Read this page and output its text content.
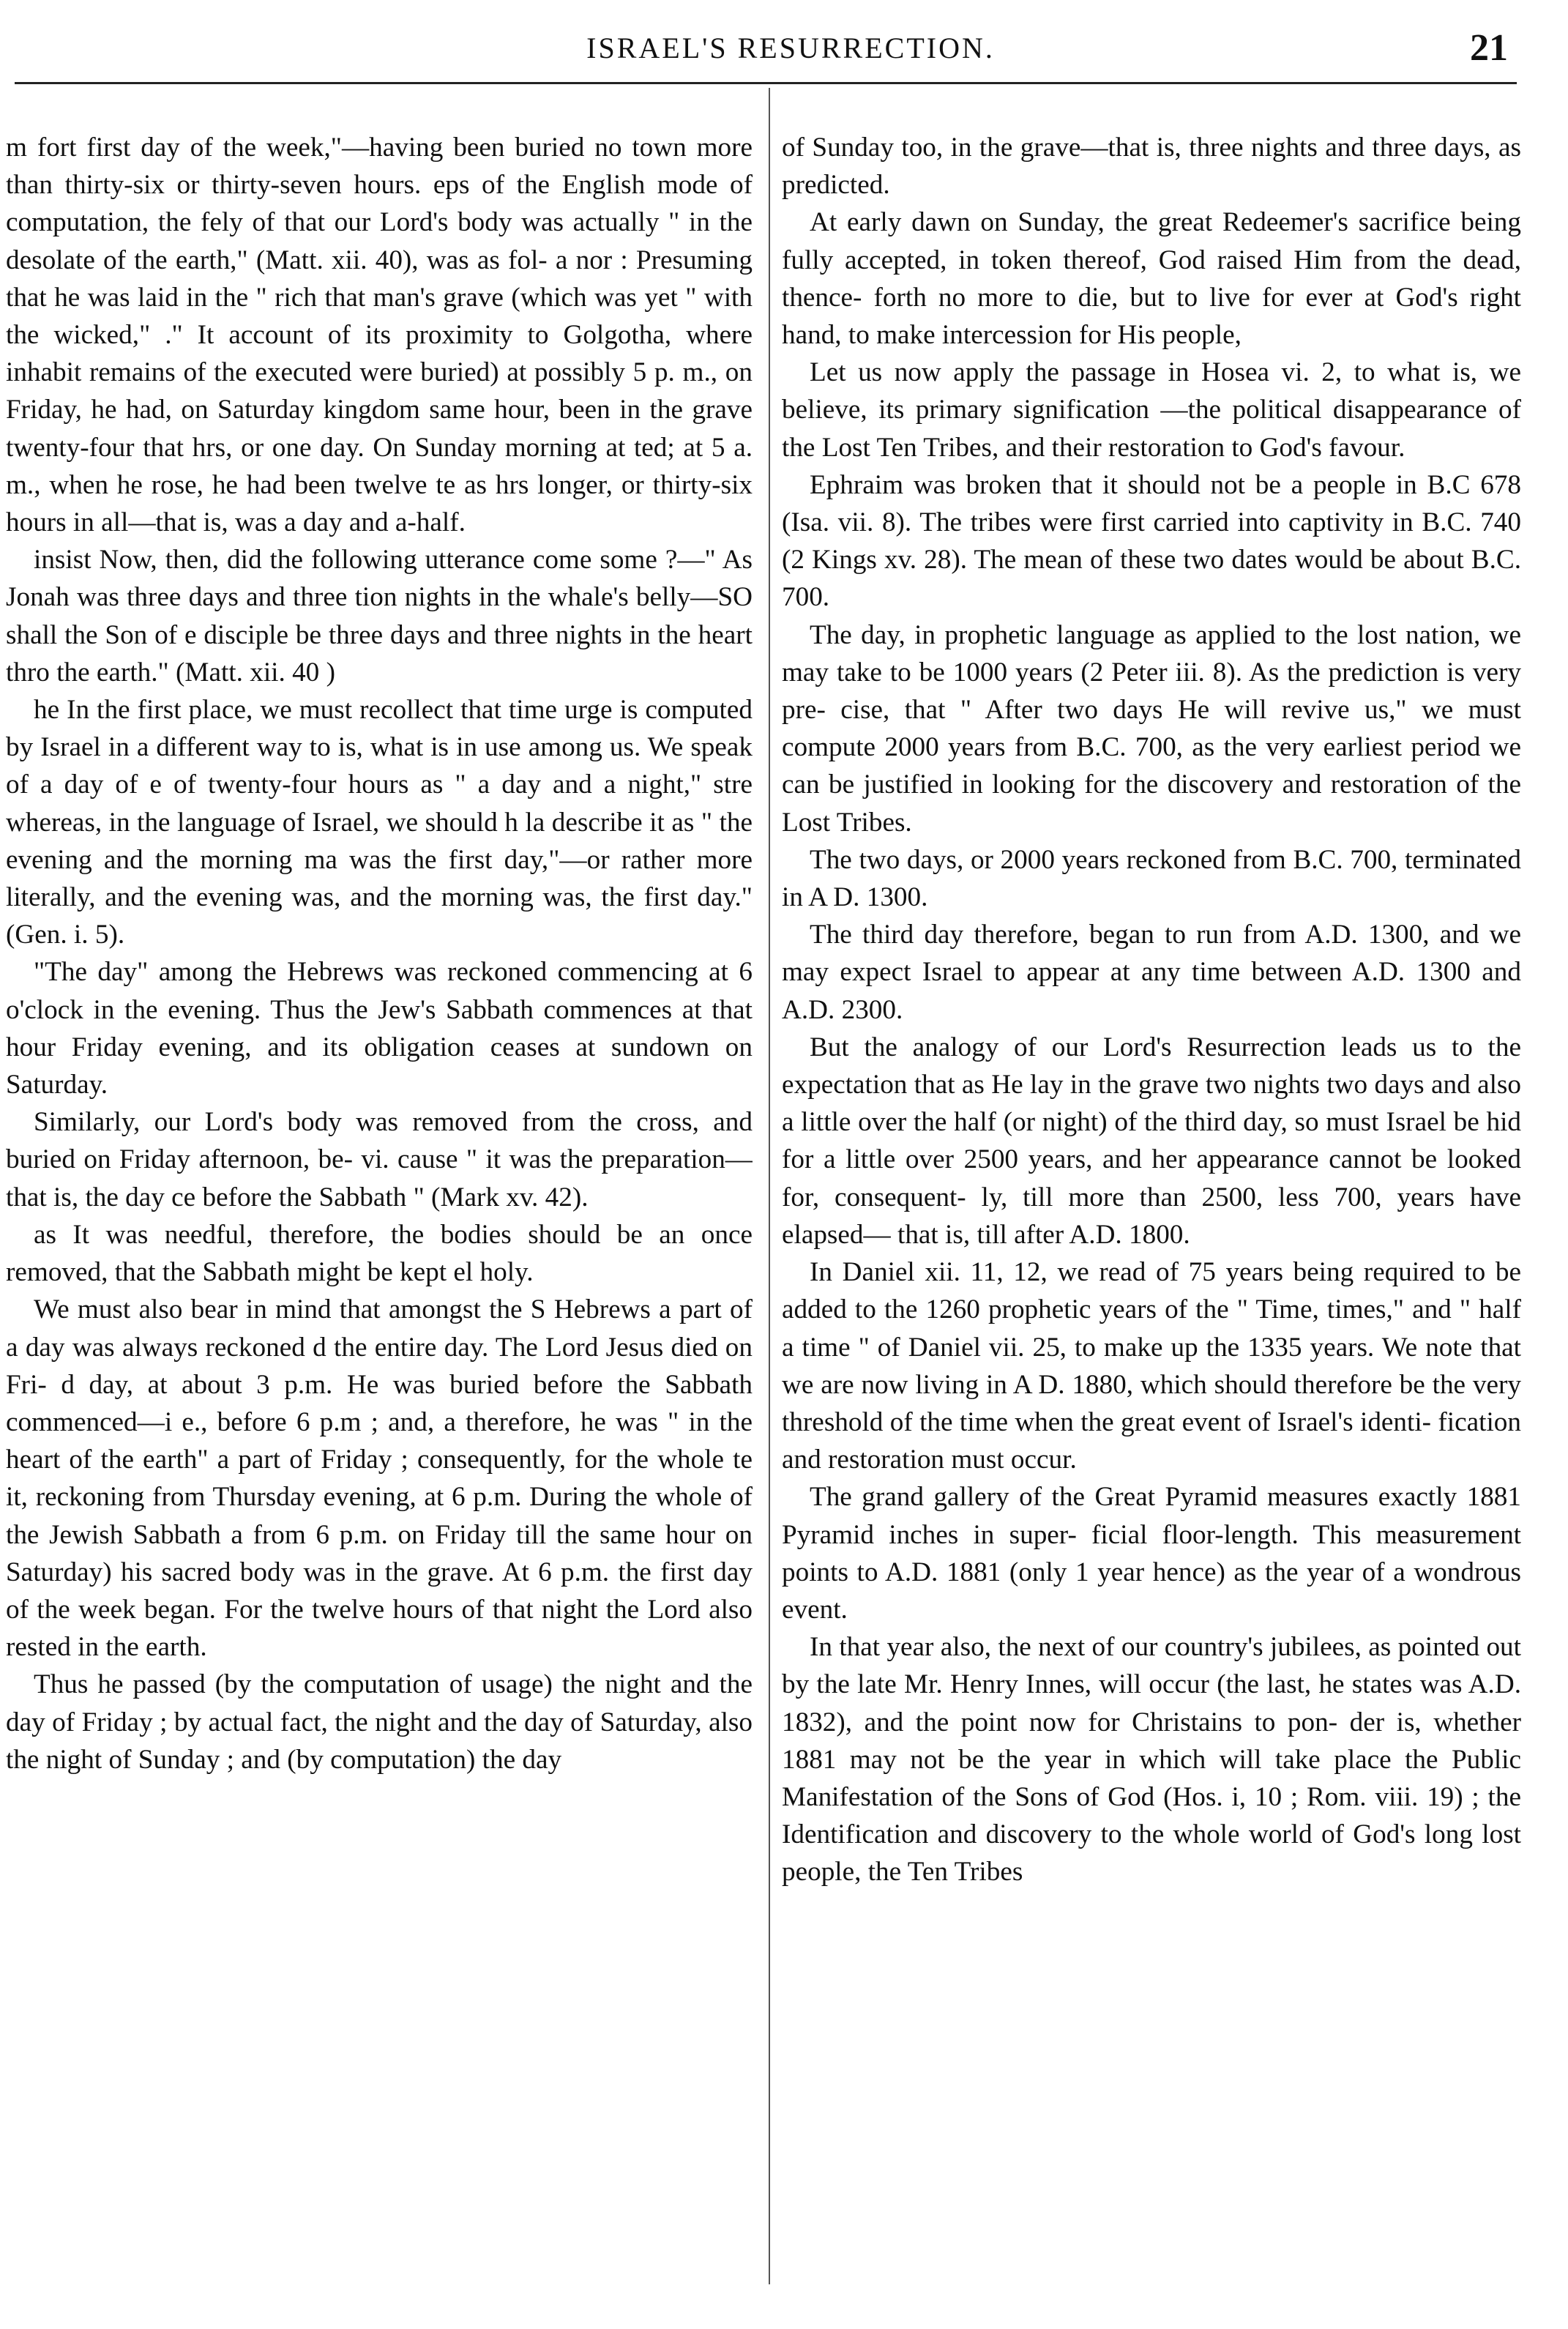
ISRAEL'S RESURRECTION.	21

m fort first day of the week,"—having been buried no town more than thirty-six or thirty-seven hours. eps of the English mode of computation, the fely of that our Lord's body was actually " in the desolate of the earth," (Matt. xii. 40), was as fol- a nor : Presuming that he was laid in the " rich that man's grave (which was yet " with the wicked," ." It account of its proximity to Golgotha, where inhabit remains of the executed were buried) at possibly 5 p. m., on Friday, he had, on Saturday kingdom same hour, been in the grave twenty-four that hrs, or one day. On Sunday morning at ted; at 5 a. m., when he rose, he had been twelve te as hrs longer, or thirty-six hours in all—that is, was a day and a-half.

insist Now, then, did the following utterance come some ?—" As Jonah was three days and three tion nights in the whale's belly—SO shall the Son of e disciple be three days and three nights in the heart thro the earth." (Matt. xii. 40 )

he In the first place, we must recollect that time urge is computed by Israel in a different way to is, what is in use among us. We speak of a day of e of twenty-four hours as " a day and a night," stre whereas, in the language of Israel, we should h la describe it as " the evening and the morning ma was the first day,"—or rather more literally, and the evening was, and the morning was, the first day." (Gen. i. 5).

"The day" among the Hebrews was reckoned commencing at 6 o'clock in the evening. Thus the Jew's Sabbath commences at that hour Friday evening, and its obligation ceases at sundown on Saturday.

Similarly, our Lord's body was removed from the cross, and buried on Friday afternoon, be- vi. cause " it was the preparation—that is, the day ce before the Sabbath " (Mark xv. 42).

as It was needful, therefore, the bodies should be an once removed, that the Sabbath might be kept el holy.

We must also bear in mind that amongst the S Hebrews a part of a day was always reckoned d the entire day. The Lord Jesus died on Fri- d day, at about 3 p.m. He was buried before the Sabbath commenced—i e., before 6 p.m ; and, a therefore, he was " in the heart of the earth" a part of Friday ; consequently, for the whole te it, reckoning from Thursday evening, at 6 p.m. During the whole of the Jewish Sabbath a from 6 p.m. on Friday till the same hour on Saturday) his sacred body was in the grave. At 6 p.m. the first day of the week began. For the twelve hours of that night the Lord also rested in the earth.

Thus he passed (by the computation of usage) the night and the day of Friday ; by actual fact, the night and the day of Saturday, also the night of Sunday ; and (by computation) the day

of Sunday too, in the grave—that is, three nights and three days, as predicted.

At early dawn on Sunday, the great Redeemer's sacrifice being fully accepted, in token thereof, God raised Him from the dead, thence- forth no more to die, but to live for ever at God's right hand, to make intercession for His people,

Let us now apply the passage in Hosea vi. 2, to what is, we believe, its primary signification —the political disappearance of the Lost Ten Tribes, and their restoration to God's favour.

Ephraim was broken that it should not be a people in B.C 678 (Isa. vii. 8). The tribes were first carried into captivity in B.C. 740 (2 Kings xv. 28). The mean of these two dates would be about B.C. 700.

The day, in prophetic language as applied to the lost nation, we may take to be 1000 years (2 Peter iii. 8). As the prediction is very pre- cise, that " After two days He will revive us," we must compute 2000 years from B.C. 700, as the very earliest period we can be justified in looking for the discovery and restoration of the Lost Tribes.

The two days, or 2000 years reckoned from B.C. 700, terminated in A D. 1300.

The third day therefore, began to run from A.D. 1300, and we may expect Israel to appear at any time between A.D. 1300 and A.D. 2300.

But the analogy of our Lord's Resurrection leads us to the expectation that as He lay in the grave two nights two days and also a little over the half (or night) of the third day, so must Israel be hid for a little over 2500 years, and her appearance cannot be looked for, consequent- ly, till more than 2500, less 700, years have elapsed— that is, till after A.D. 1800.

In Daniel xii. 11, 12, we read of 75 years being required to be added to the 1260 prophetic years of the " Time, times," and " half a time " of Daniel vii. 25, to make up the 1335 years. We note that we are now living in A D. 1880, which should therefore be the very threshold of the time when the great event of Israel's identi- fication and restoration must occur.

The grand gallery of the Great Pyramid measures exactly 1881 Pyramid inches in super- ficial floor-length. This measurement points to A.D. 1881 (only 1 year hence) as the year of a wondrous event.

In that year also, the next of our country's jubilees, as pointed out by the late Mr. Henry Innes, will occur (the last, he states was A.D. 1832), and the point now for Christains to pon- der is, whether 1881 may not be the year in which will take place the Public Manifestation of the Sons of God (Hos. i, 10 ; Rom. viii. 19) ; the Identification and discovery to the whole world of God's long lost people, the Ten Tribes
